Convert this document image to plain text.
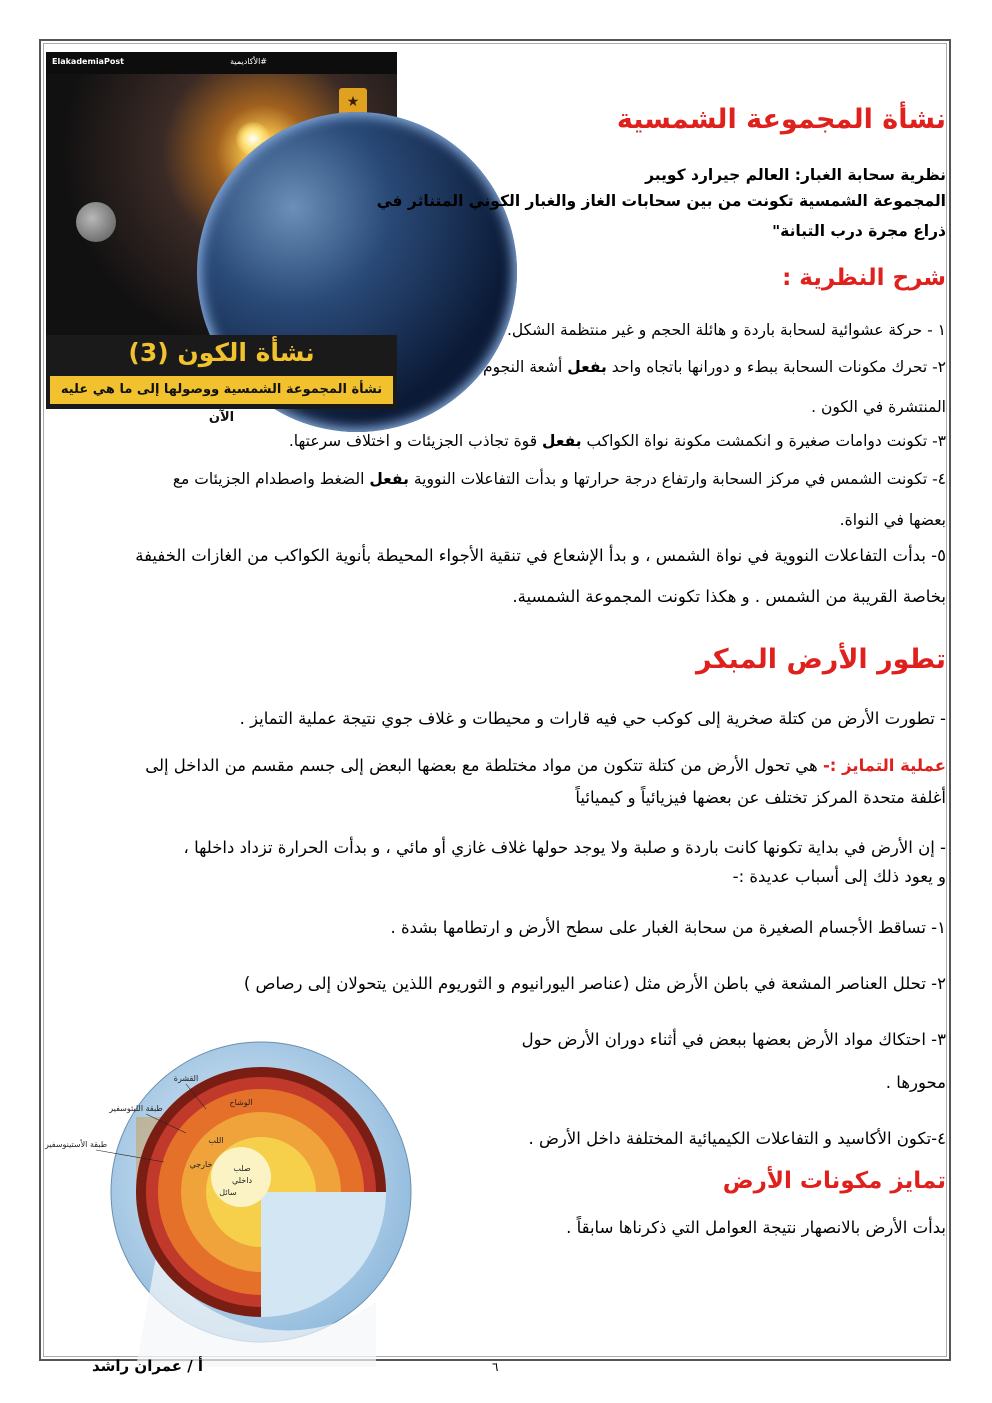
ElakademiaPost	#الأكاديمية
★
نشأة الكون (3)
نشأة المجموعة الشمسية ووصولها إلى ما هي عليه الآن
نشأة المجموعة الشمسية
نظرية سحابة الغبار: العالم جيرارد كويبر
المجموعة الشمسية تكونت من بين سحابات الغاز والغبار الكوني المتناثر في
ذراع مجرة درب التبانة"
شرح النظرية :
١ - حركة عشوائية لسحابة باردة و هائلة الحجم و غير منتظمة الشكل.
٢- تحرك مكونات السحابة ببطء و دورانها باتجاه واحد بفعل أشعة النجوم
المنتشرة في الكون .
٣- تكونت دوامات صغيرة و انكمشت مكونة نواة الكواكب بفعل قوة تجاذب الجزيئات و اختلاف سرعتها.
٤- تكونت الشمس في مركز السحابة وارتفاع درجة حرارتها و بدأت التفاعلات النووية بفعل الضغط واصطدام الجزيئات مع
بعضها في النواة.
٥- بدأت التفاعلات النووية في نواة الشمس ، و بدأ الإشعاع في تنقية الأجواء المحيطة بأنوية الكواكب من الغازات الخفيفة
بخاصة القريبة من الشمس . و هكذا تكونت المجموعة الشمسية.
تطور الأرض المبكر
- تطورت الأرض من كتلة صخرية إلى كوكب حي فيه قارات و محيطات و غلاف جوي نتيجة عملية التمايز .
عملية التمايز :- هي تحول الأرض من كتلة تتكون من مواد مختلطة مع بعضها البعض إلى جسم مقسم من الداخل إلى
أغلفة متحدة المركز تختلف عن بعضها فيزيائياً و كيميائياً
- إن الأرض في بداية تكونها كانت باردة و صلبة ولا يوجد حولها غلاف غازي أو مائي ، و بدأت الحرارة تزداد داخلها ،
و يعود ذلك إلى أسباب عديدة :-
١- تساقط الأجسام الصغيرة من سحابة الغبار على سطح الأرض و ارتطامها بشدة .
٢- تحلل العناصر المشعة في باطن الأرض مثل (عناصر اليورانيوم و الثوريوم اللذين يتحولان إلى رصاص )
٣- احتكاك مواد الأرض بعضها ببعض في أثناء دوران الأرض حول
محورها .
٤-تكون الأكاسيد و التفاعلات الكيميائية المختلفة داخل الأرض .
تمايز مكونات الأرض
بدأت الأرض بالانصهار نتيجة العوامل التي ذكرناها سابقاً .
القشرة
طبقة الليثوسفير
طبقة الأستينوسفير
الوشاح
اللب
خارجي	صلب
داخلي
سائل
٦
أ / عمران راشد
